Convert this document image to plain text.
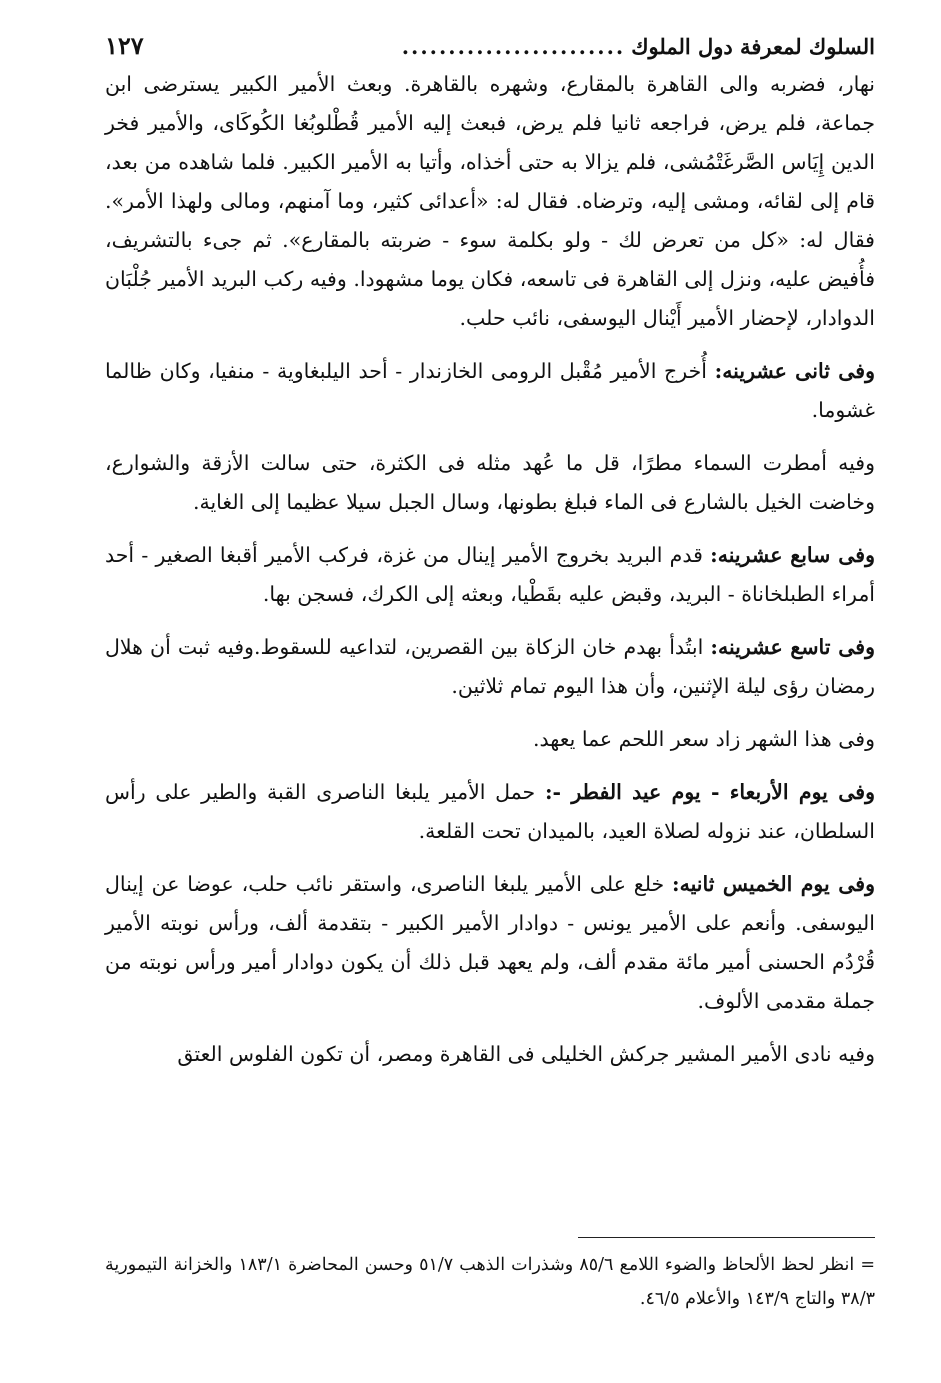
السلوك لمعرفة دول الملوك
........................
١٢٧

نهار، فضربه والى القاهرة بالمقارع، وشهره بالقاهرة. وبعث الأمير الكبير يسترضى ابن جماعة، فلم يرض، فراجعه ثانيا فلم يرض، فبعث إليه الأمير قُطْلوبُغا الكُوكَاى، والأمير فخر الدين إِيَاس الصَّرغَتْمُشى، فلم يزالا به حتى أخذاه، وأتيا به الأمير الكبير. فلما شاهده من بعد، قام إلى لقائه، ومشى إليه، وترضاه. فقال له: «أعدائى كثير، وما آمنهم، ومالى ولهذا الأمر». فقال له: «كل من تعرض لك - ولو بكلمة سوء - ضربته بالمقارع». ثم جىء بالتشريف، فأُفيض عليه، ونزل إلى القاهرة فى تاسعه، فكان يوما مشهودا. وفيه ركب البريد الأمير جُلْبَان الدوادار، لإحضار الأمير أَيْنال اليوسفى، نائب حلب.

وفى ثانى عشرينه: أُخرج الأمير مُقْبل الرومى الخازندار - أحد اليلبغاوية - منفيا، وكان ظالما غشوما.

وفيه أمطرت السماء مطرًا، قل ما عُهد مثله فى الكثرة، حتى سالت الأزقة والشوارع، وخاضت الخيل بالشارع فى الماء فبلغ بطونها، وسال الجبل سيلا عظيما إلى الغاية.

وفى سابع عشرينه: قدم البريد بخروج الأمير إينال من غزة، فركب الأمير أقبغا الصغير - أحد أمراء الطبلخاناة - البريد، وقبض عليه بقَطْيا، وبعثه إلى الكرك، فسجن بها.

وفى تاسع عشرينه: ابتُدأ بهدم خان الزكاة بين القصرين، لتداعيه للسقوط.وفيه ثبت أن هلال رمضان رؤى ليلة الإثنين، وأن هذا اليوم تمام ثلاثين.

وفى هذا الشهر زاد سعر اللحم عما يعهد.

وفى يوم الأربعاء - يوم عيد الفطر -: حمل الأمير يلبغا الناصرى القبة والطير على رأس السلطان، عند نزوله لصلاة العيد، بالميدان تحت القلعة.

وفى يوم الخميس ثانيه: خلع على الأمير يلبغا الناصرى، واستقر نائب حلب، عوضا عن إينال اليوسفى. وأنعم على الأمير يونس - دوادار الأمير الكبير - بتقدمة ألف، ورأس نوبته الأمير قُرْدُم الحسنى أمير مائة مقدم ألف، ولم يعهد قبل ذلك أن يكون دوادار أمير ورأس نوبته من جملة مقدمى الألوف.

وفيه نادى الأمير المشير جركش الخليلى فى القاهرة ومصر، أن تكون الفلوس العتق

= انظر لحظ الألحاظ والضوء اللامع ٨٥/٦ وشذرات الذهب ٥١/٧ وحسن المحاضرة ١٨٣/١ والخزانة التيمورية ٣٨/٣ والتاج ١٤٣/٩ والأعلام ٤٦/٥.
